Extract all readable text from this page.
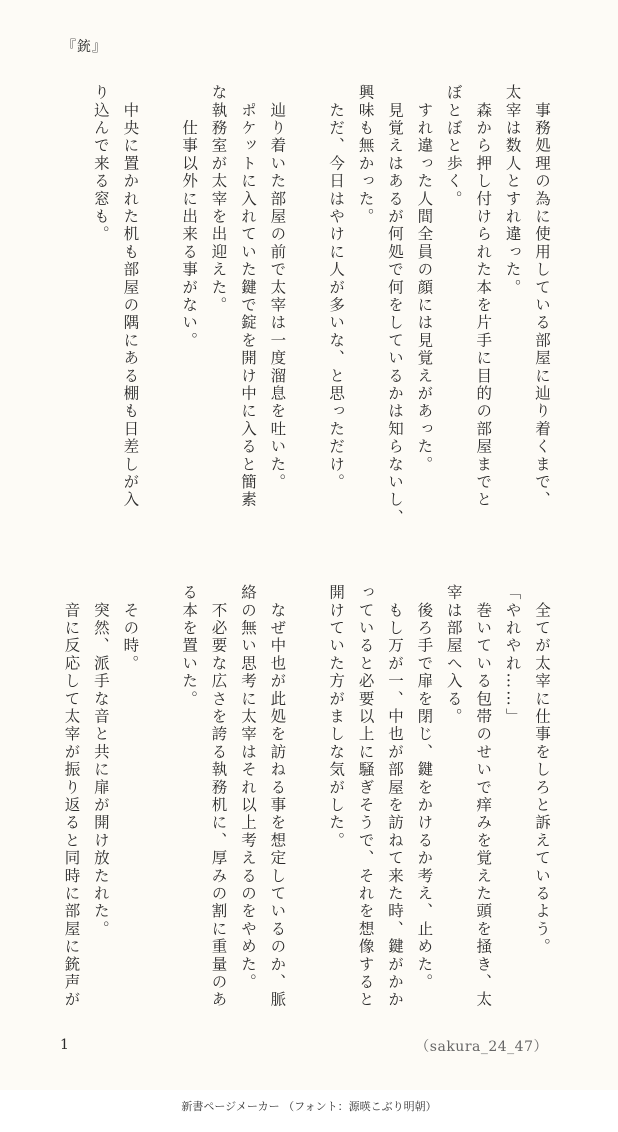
『銃』
　事務処理の為に使用している部屋に辿り着くまで、
太宰は数人とすれ違った。
　森から押し付けられた本を片手に目的の部屋までと
ぼとぼと歩く。
　すれ違った人間全員の顔には見覚えがあった。
　見覚えはあるが何処で何をしているかは知らないし、
興味も無かった。
　ただ、今日はやけに人が多いな、と思っただけ。

　辿り着いた部屋の前で太宰は一度溜息を吐いた。
　ポケットに入れていた鍵で錠を開け中に入ると簡素
な執務室が太宰を出迎えた。
　　仕事以外に出来る事がない。

　中央に置かれた机も部屋の隅にある棚も日差しが入
り込んで来る窓も。
　全てが太宰に仕事をしろと訴えているよう。
「やれやれ……」
　巻いている包帯のせいで痒みを覚えた頭を掻き、太
宰は部屋へ入る。
　後ろ手で扉を閉じ、鍵をかけるか考え、止めた。
　もし万が一、中也が部屋を訪ねて来た時、鍵がかか
っていると必要以上に騒ぎそうで、それを想像すると
開けていた方がましな気がした。

　なぜ中也が此処を訪ねる事を想定しているのか、脈
絡の無い思考に太宰はそれ以上考えるのをやめた。
　不必要な広さを誇る執務机に、厚みの割に重量のあ
る本を置いた。

　その時。
　突然、派手な音と共に扉が開け放たれた。
　音に反応して太宰が振り返ると同時に部屋に銃声が
1	（sakura_24_47）
新書ページメーカー （フォント：源暎こぶり明朝）
